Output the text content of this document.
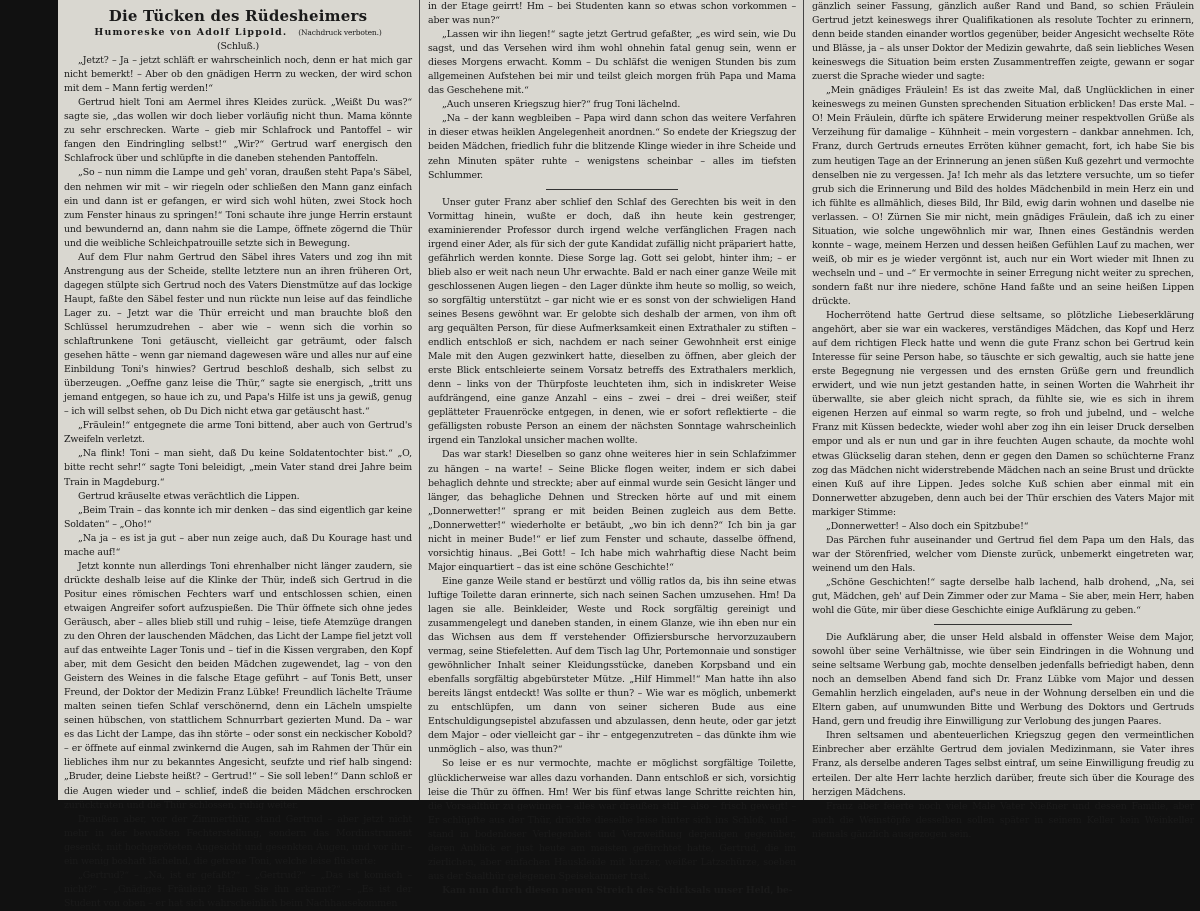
Die Tücken des Rüdesheimers
Humoreske von Adolf Lippold. (Nachdruck verboten.)
(Schluß.)

„Jetzt? – Ja – jetzt schläft er wahrscheinlich noch, denn er hat mich gar nicht bemerkt! – Aber ob den gnädigen Herrn zu wecken, der wird schon mit dem – Mann fertig werden!“

Gertrud hielt Toni am Aermel ihres Kleides zurück. „Weißt Du was?“ sagte sie, „das wollen wir doch lieber vorläufig nicht thun. Mama könnte zu sehr erschrecken. Warte – gieb mir Schlafrock und Pantoffel – wir fangen den Eindringling selbst!“ „Wir?“ Gertrud warf energisch den Schlafrock über und schlüpfte in die daneben stehenden Pantoffeln.

„So – nun nimm die Lampe und geh' voran, draußen steht Papa's Säbel, den nehmen wir mit – wir riegeln oder schließen den Mann ganz einfach ein und dann ist er gefangen, er wird sich wohl hüten, zwei Stock hoch zum Fenster hinaus zu springen!“ Toni schaute ihre junge Herrin erstaunt und bewundernd an, dann nahm sie die Lampe, öffnete zögernd die Thür und die weibliche Schleichpatrouille setzte sich in Bewegung.

Auf dem Flur nahm Gertrud den Säbel ihres Vaters und zog ihn mit Anstrengung aus der Scheide, stellte letztere nun an ihren früheren Ort, dagegen stülpte sich Gertrud noch des Vaters Dienstmütze auf das lockige Haupt, faßte den Säbel fester und nun rückte nun leise auf das feindliche Lager zu. – Jetzt war die Thür erreicht und man brauchte bloß den Schlüssel herumzudrehen – aber wie – wenn sich die vorhin so schlaftrunkene Toni getäuscht, vielleicht gar geträumt, oder falsch gesehen hätte – wenn gar niemand dagewesen wäre und alles nur auf eine Einbildung Toni's hinwies? Gertrud beschloß deshalb, sich selbst zu überzeugen. „Oeffne ganz leise die Thür,“ sagte sie energisch, „tritt uns jemand entgegen, so haue ich zu, und Papa's Hilfe ist uns ja gewiß, genug – ich will selbst sehen, ob Du Dich nicht etwa gar getäuscht hast.“

„Fräulein!“ entgegnete die arme Toni bittend, aber auch von Gertrud's Zweifeln verletzt.

„Na flink! Toni – man sieht, daß Du keine Soldatentochter bist.“ „O, bitte recht sehr!“ sagte Toni beleidigt, „mein Vater stand drei Jahre beim Train in Magdeburg.“

Gertrud kräuselte etwas verächtlich die Lippen.

„Beim Train – das konnte ich mir denken – das sind eigentlich gar keine Soldaten“ – „Oho!“

„Na ja – es ist ja gut – aber nun zeige auch, daß Du Kourage hast und mache auf!“

Jetzt konnte nun allerdings Toni ehrenhalber nicht länger zaudern, sie drückte deshalb leise auf die Klinke der Thür, indeß sich Gertrud in die Positur eines römischen Fechters warf und entschlossen schien, einen etwaigen Angreifer sofort aufzuspießen. Die Thür öffnete sich ohne jedes Geräusch, aber – alles blieb still und ruhig – leise, tiefe Atemzüge drangen zu den Ohren der lauschenden Mädchen, das Licht der Lampe fiel jetzt voll auf das entweihte Lager Tonis und – tief in die Kissen vergraben, den Kopf aber, mit dem Gesicht den beiden Mädchen zugewendet, lag – von den Geistern des Weines in die falsche Etage geführt – auf Tonis Bett, unser Freund, der Doktor der Medizin Franz Lübke! Freundlich lächelte Träume malten seinen tiefen Schlaf verschönernd, denn ein Lächeln umspielte seinen hübschen, von stattlichem Schnurrbart gezierten Mund. Da – war es das Licht der Lampe, das ihn störte – oder sonst ein neckischer Kobold? – er öffnete auf einmal zwinkernd die Augen, sah im Rahmen der Thür ein liebliches ihm nur zu bekanntes Angesicht, seufzte und rief halb singend: „Bruder, deine Liebste heißt? – Gertrud!“ – Sie soll leben!“ Dann schloß er die Augen wieder und – schlief, indeß die beiden Mädchen erschrocken zurücktraten und die Thür schlossen, ruhig weiter.

Draußen aber, vor der Zimmerthür, stand Gertrud – aber jetzt nicht mehr in der bewußten Fechterstellung, sondern das Mordinstrument gesenkt, mit hochgeröteten Angesicht und gesenkten Augen, und vor ihr – ein wenig boshaft lächelnd, die getreue Toni, welche leise flüsterte:

„Gertrud?“ – „Na, ist er gefaßt?“ – „Gertrud?“ – „Das ist komisch – nicht?“ – „Gnädiges Fräulein? Haben Sie ihn erkannt?“ – „Es ist der Student von oben – er hat sich wahrscheinlich beim Nachhausekommen

in der Etage geirrt! Hm – bei Studenten kann so etwas schon vorkommen – aber was nun?“

„Lassen wir ihn liegen!“ sagte jetzt Gertrud gefaßter, „es wird sein, wie Du sagst, und das Versehen wird ihm wohl ohnehin fatal genug sein, wenn er dieses Morgens erwacht. Komm – Du schläfst die wenigen Stunden bis zum allgemeinen Aufstehen bei mir und teilst gleich morgen früh Papa und Mama das Geschehene mit.“

„Auch unseren Kriegszug hier?“ frug Toni lächelnd.

„Na – der kann wegbleiben – Papa wird dann schon das weitere Verfahren in dieser etwas heiklen Angelegenheit anordnen.“ So endete der Kriegszug der beiden Mädchen, friedlich fuhr die blitzende Klinge wieder in ihre Scheide und zehn Minuten später ruhte – wenigstens scheinbar – alles im tiefsten Schlummer.

Unser guter Franz aber schlief den Schlaf des Gerechten bis weit in den Vormittag hinein, wußte er doch, daß ihn heute kein gestrenger, examinierender Professor durch irgend welche verfänglichen Fragen nach irgend einer Ader, als für sich der gute Kandidat zufällig nicht präpariert hatte, gefährlich werden konnte. Diese Sorge lag. Gott sei gelobt, hinter ihm; – er blieb also er weit nach neun Uhr erwachte. Bald er nach einer ganze Weile mit geschlossenen Augen liegen – den Lager dünkte ihm heute so mollig, so weich, so sorgfältig unterstützt – gar nicht wie er es sonst von der schwieligen Hand seines Besens gewöhnt war. Er gelobte sich deshalb der armen, von ihm oft arg gequälten Person, für diese Aufmerksamkeit einen Extrathaler zu stiften – endlich entschloß er sich, nachdem er nach seiner Gewohnheit erst einige Male mit den Augen gezwinkert hatte, dieselben zu öffnen, aber gleich der erste Blick entschleierte seinem Vorsatz betreffs des Extrathalers merklich, denn – links von der Thürpfoste leuchteten ihm, sich in indiskreter Weise aufdrängend, eine ganze Anzahl – eins – zwei – drei – drei weißer, steif geplätteter Frauenröcke entgegen, in denen, wie er sofort reflektierte – die gefälligsten robuste Person an einem der nächsten Sonntage wahrscheinlich irgend ein Tanzlokal unsicher machen wollte.

Das war stark! Dieselben so ganz ohne weiteres hier in sein Schlafzimmer zu hängen – na warte! – Seine Blicke flogen weiter, indem er sich dabei behaglich dehnte und streckte; aber auf einmal wurde sein Gesicht länger und länger, das behagliche Dehnen und Strecken hörte auf und mit einem „Donnerwetter!“ sprang er mit beiden Beinen zugleich aus dem Bette. „Donnerwetter!“ wiederholte er betäubt, „wo bin ich denn?“ Ich bin ja gar nicht in meiner Bude!“ er lief zum Fenster und schaute, dasselbe öffnend, vorsichtig hinaus. „Bei Gott! – Ich habe mich wahrhaftig diese Nacht beim Major einquartiert – das ist eine schöne Geschichte!“

Eine ganze Weile stand er bestürzt und völlig ratlos da, bis ihn seine etwas luftige Toilette daran erinnerte, sich nach seinen Sachen umzusehen. Hm! Da lagen sie alle. Beinkleider, Weste und Rock sorgfältig gereinigt und zusammengelegt und daneben standen, in einem Glanze, wie ihn eben nur ein das Wichsen aus dem ff verstehender Offiziersbursche hervorzuzaubern vermag, seine Stiefeletten. Auf dem Tisch lag Uhr, Portemonnaie und sonstiger gewöhnlicher Inhalt seiner Kleidungsstücke, daneben Korpsband und ein ebenfalls sorgfältig abgebürsteter Mütze. „Hilf Himmel!“ Man hatte ihn also bereits längst entdeckt! Was sollte er thun? – Wie war es möglich, unbemerkt zu entschlüpfen, um dann von seiner sicheren Bude aus eine Entschuldigungsepistel abzufassen und abzulassen, denn heute, oder gar jetzt dem Major – oder vielleicht gar – ihr – entgegenzutreten – das dünkte ihm wie unmöglich – also, was thun?“

So leise er es nur vermochte, machte er möglichst sorgfältige Toilette, glücklicherweise war alles dazu vorhanden. Dann entschloß er sich, vorsichtig leise die Thür zu öffnen. Hm! Wer bis fünf etwas lange Schritte reichten hin, die Vorsaalthür zu gewinnen – alles war draußen still – also – frisch gewagt! – Er schlüpfte aus der Thür, drückte dieselbe leise hinter sich ins Schloß, und – stand in bodenloser Verlegenheit und Verzweiflung derjenigen gegenüber, deren Anblick er just heute am meisten gefürchtet hatte, Gertrud, die im zierlichen, aber einfachen Hauskleide mit kurzer, weißer Latzschürze, soeben aus der Saalthür gelegenen Speisekammer trat.

Kam nun durch diesen neuen Streich des Schicksals unser Held, be-

gänzlich seiner Fassung, gänzlich außer Rand und Band, so schien Fräulein Gertrud jetzt keineswegs ihrer Qualifikationen als resolute Tochter zu erinnern, denn beide standen einander wortlos gegenüber, beider Angesicht wechselte Röte und Blässe, ja – als unser Doktor der Medizin gewahrte, daß sein liebliches Wesen keineswegs die Situation beim ersten Zusammentreffen zeigte, gewann er sogar zuerst die Sprache wieder und sagte:

„Mein gnädiges Fräulein! Es ist das zweite Mal, daß Unglücklichen in einer keineswegs zu meinen Gunsten sprechenden Situation erblicken! Das erste Mal. – O! Mein Fräulein, dürfte ich spätere Erwiderung meiner respektvollen Grüße als Verzeihung für damalige – Kühnheit – mein vorgestern – dankbar annehmen. Ich, Franz, durch Gertruds erneutes Erröten kühner gemacht, fort, ich habe Sie bis zum heutigen Tage an der Erinnerung an jenen süßen Kuß gezehrt und vermochte denselben nie zu vergessen. Ja! Ich mehr als das letztere versuchte, um so tiefer grub sich die Erinnerung und Bild des holdes Mädchenbild in mein Herz ein und ich fühlte es allmählich, dieses Bild, Ihr Bild, ewig darin wohnen und daselbe nie verlassen. – O! Zürnen Sie mir nicht, mein gnädiges Fräulein, daß ich zu einer Situation, wie solche ungewöhnlich mir war, Ihnen eines Geständnis werden konnte – wage, meinem Herzen und dessen heißen Gefühlen Lauf zu machen, wer weiß, ob mir es je wieder vergönnt ist, auch nur ein Wort wieder mit Ihnen zu wechseln und – und –“ Er vermochte in seiner Erregung nicht weiter zu sprechen, sondern faßt nur ihre niedere, schöne Hand faßte und an seine heißen Lippen drückte.

Hocherrötend hatte Gertrud diese seltsame, so plötzliche Liebeserklärung angehört, aber sie war ein wackeres, verständiges Mädchen, das Kopf und Herz auf dem richtigen Fleck hatte und wenn die gute Franz schon bei Gertrud kein Interesse für seine Person habe, so täuschte er sich gewaltig, auch sie hatte jene erste Begegnung nie vergessen und des ernsten Grüße gern und freundlich erwidert, und wie nun jetzt gestanden hatte, in seinen Worten die Wahrheit ihr überwallte, sie aber gleich nicht sprach, da fühlte sie, wie es sich in ihrem eigenen Herzen auf einmal so warm regte, so froh und jubelnd, und – welche Franz mit Küssen bedeckte, wieder wohl aber zog ihn ein leiser Druck derselben empor und als er nun und gar in ihre feuchten Augen schaute, da mochte wohl etwas Glückselig daran stehen, denn er gegen den Damen so schüchterne Franz zog das Mädchen nicht widerstrebende Mädchen nach an seine Brust und drückte einen Kuß auf ihre Lippen. Jedes solche Kuß schien aber einmal mit ein Donnerwetter abzugeben, denn auch bei der Thür erschien des Vaters Major mit markiger Stimme:

„Donnerwetter! – Also doch ein Spitzbube!“

Das Pärchen fuhr auseinander und Gertrud fiel dem Papa um den Hals, das war der Störenfried, welcher vom Dienste zurück, unbemerkt eingetreten war, weinend um den Hals.

„Schöne Geschichten!“ sagte derselbe halb lachend, halb drohend, „Na, sei gut, Mädchen, geh' auf Dein Zimmer oder zur Mama – Sie aber, mein Herr, haben wohl die Güte, mir über diese Geschichte einige Aufklärung zu geben.“

Die Aufklärung aber, die unser Held alsbald in offenster Weise dem Major, sowohl über seine Verhältnisse, wie über sein Eindringen in die Wohnung und seine seltsame Werbung gab, mochte denselben jedenfalls befriedigt haben, denn noch an demselben Abend fand sich Dr. Franz Lübke vom Major und dessen Gemahlin herzlich eingeladen, auf's neue in der Wohnung derselben ein und die Eltern gaben, auf unumwunden Bitte und Werbung des Doktors und Gertruds Hand, gern und freudig ihre Einwilligung zur Verlobung des jungen Paares.

Ihren seltsamen und abenteuerlichen Kriegszug gegen den vermeintlichen Einbrecher aber erzählte Gertrud dem jovialen Medizinmann, sie Vater ihres Franz, als derselbe anderen Tages selbst eintraf, um seine Einwilligung freudig zu erteilen. Der alte Herr lachte herzlich darüber, freute sich über die Kourage des herzigen Mädchens.

Franz aber feierte noch viele Male Vater Nießner und dessen Familie, aber auch die Weinstöpfe desselben sollen später in seinem Keller kein Weinkeller niemals gänzlich ausgezogen sein.
